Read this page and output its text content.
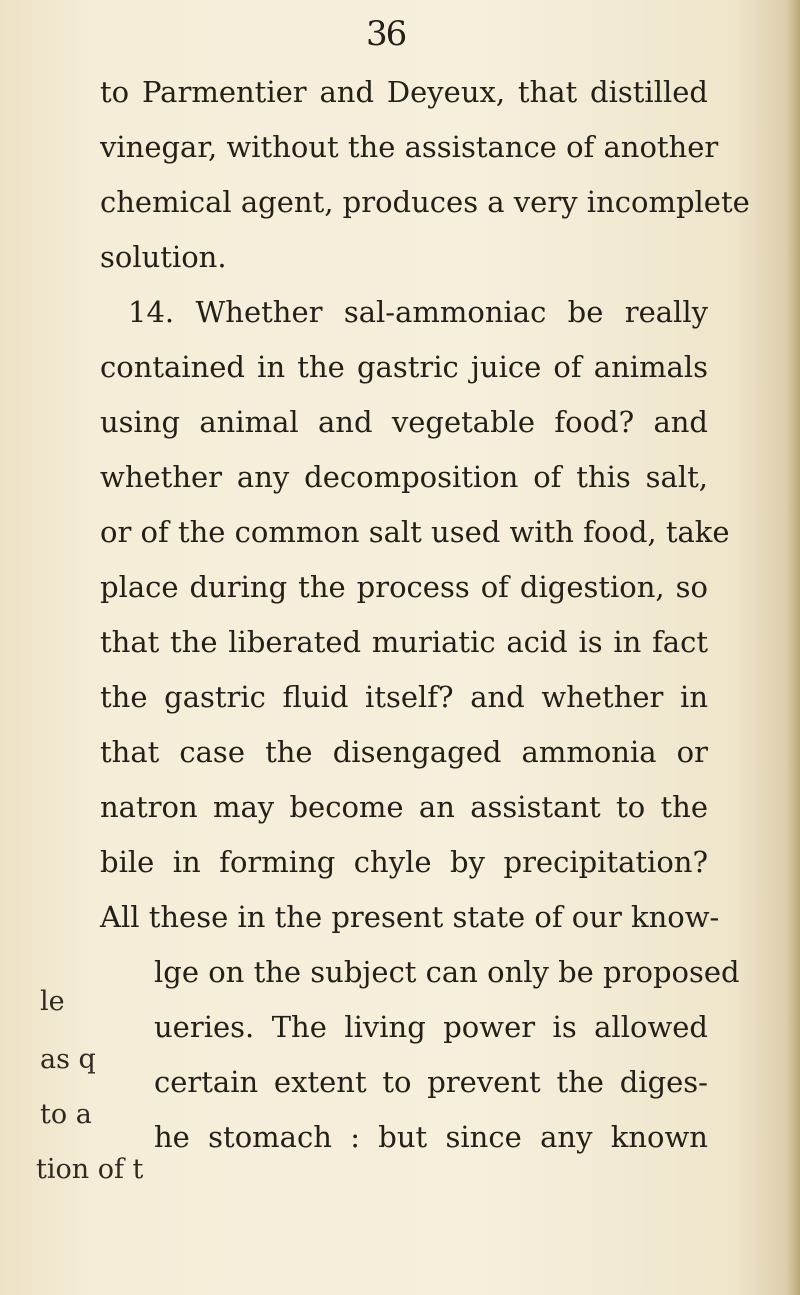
36
to Parmentier and Deyeux, that distilled
vinegar, without the assistance of another
chemical agent, produces a very incomplete
solution.
14. Whether sal-ammoniac be really
contained in the gastric juice of animals
using animal and vegetable food? and
whether any decomposition of this salt,
or of the common salt used with food, take
place during the process of digestion, so
that the liberated muriatic acid is in fact
the gastric fluid itself? and whether in
that case the disengaged ammonia or
natron may become an assistant to the
bile in forming chyle by precipitation?
All these in the present state of our know-
lge on the subject can only be proposed
ueries. The living power is allowed
certain extent to prevent the diges-
he stomach : but since any known
le
as q
to a
tion of t
